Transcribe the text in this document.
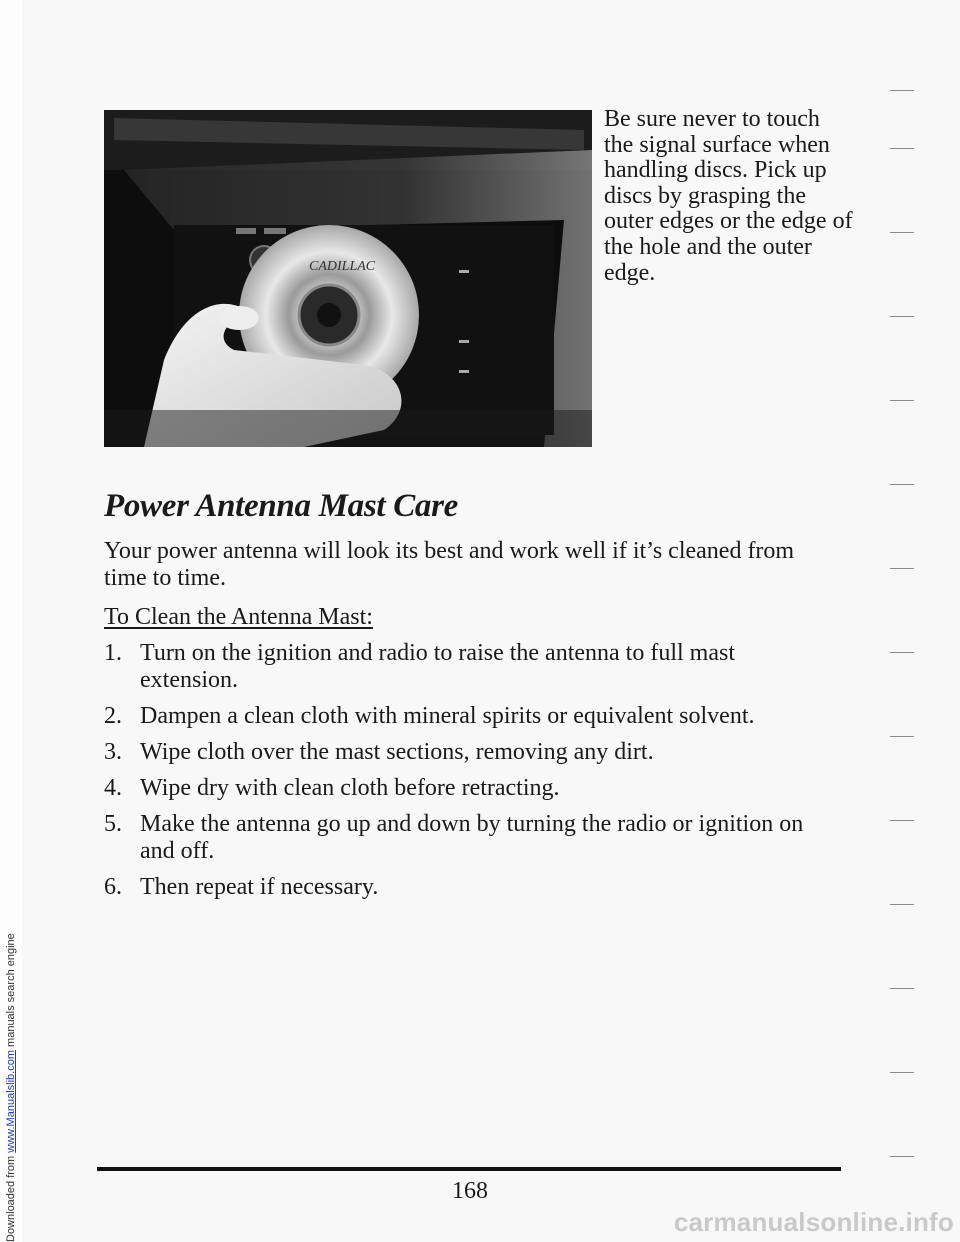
Downloaded from www.Manualslib.com manuals search engine
CADILLAC

Be sure never to touch the signal surface when handling discs. Pick up discs by grasping the outer edges or the edge of the hole and the outer edge.

Power Antenna Mast Care

Your power antenna will look its best and work well if it’s cleaned from time to time.

To Clean the Antenna Mast:

1. Turn on the ignition and radio to raise the antenna to full mast extension.
2. Dampen a clean cloth with mineral spirits or equivalent solvent.
3. Wipe cloth over the mast sections, removing any dirt.
4. Wipe dry with clean cloth before retracting.
5. Make the antenna go up and down by turning the radio or ignition on and off.
6. Then repeat if necessary.

168

carmanualsonline.info
